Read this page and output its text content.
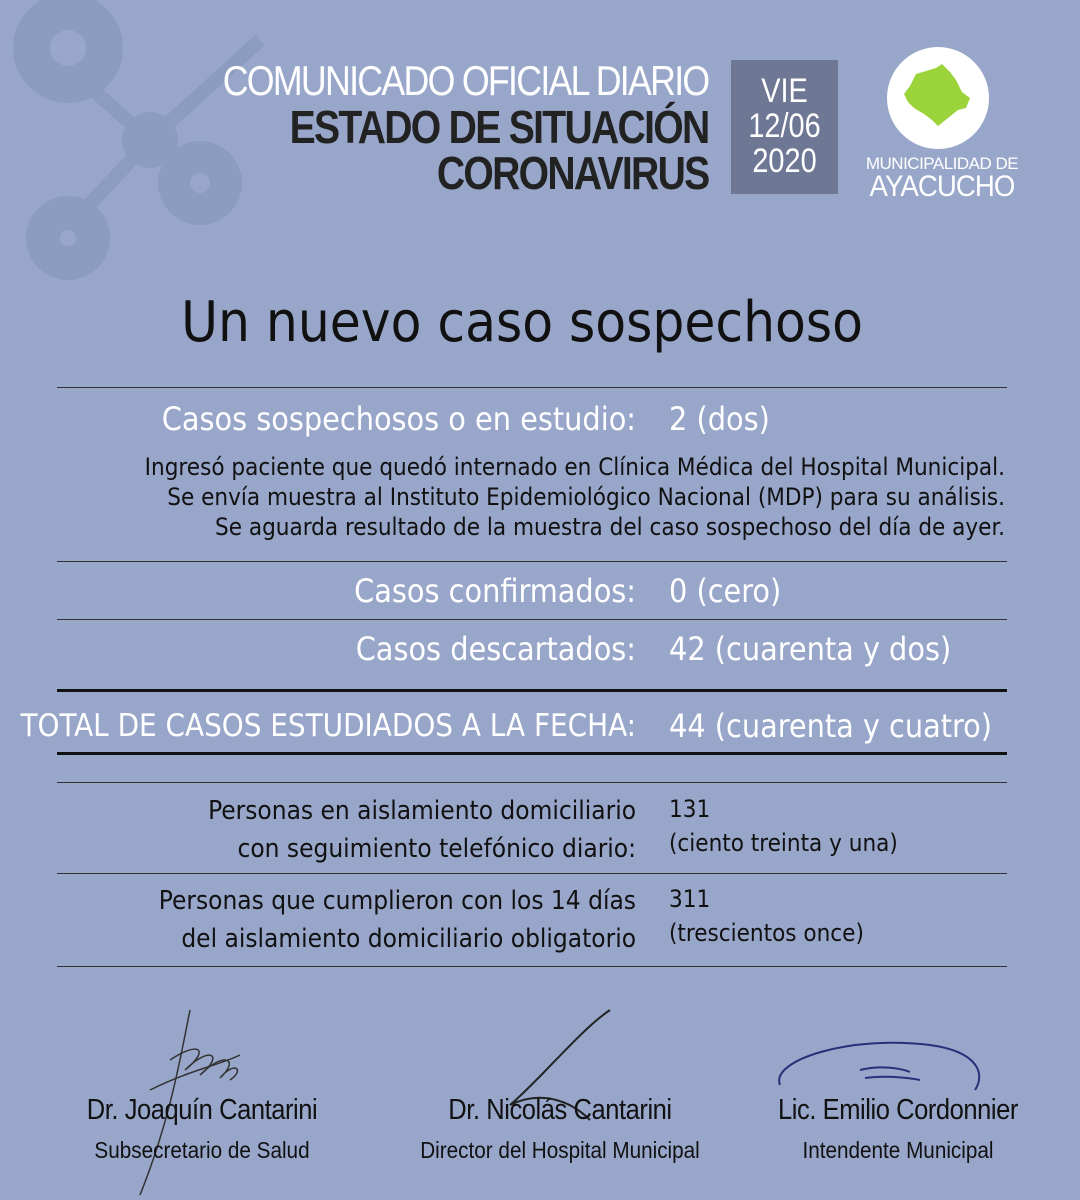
COMUNICADO OFICIAL DIARIO
ESTADO DE SITUACIÓN
CORONAVIRUS
VIE
12/06
2020	MUNICIPALIDAD DE
AYACUCHO
Un nuevo caso sospechoso
Casos sospechosos o en estudio: 2 (dos)
Ingresó paciente que quedó internado en Clínica Médica del Hospital Municipal.
Se envía muestra al Instituto Epidemiológico Nacional (MDP) para su análisis.
Se aguarda resultado de la muestra del caso sospechoso del día de ayer.
Casos confirmados: 0 (cero)
Casos descartados: 42 (cuarenta y dos)
TOTAL DE CASOS ESTUDIADOS A LA FECHA: 44 (cuarenta y cuatro)
Personas en aislamiento domiciliario
con seguimiento telefónico diario:
131
(ciento treinta y una)
Personas que cumplieron con los 14 días
del aislamiento domiciliario obligatorio
311
(trescientos once)
Dr. Joaquín Cantarini
Subsecretario de Salud
Dr. Nicolás Cantarini
Director del Hospital Municipal
Lic. Emilio Cordonnier
Intendente Municipal
